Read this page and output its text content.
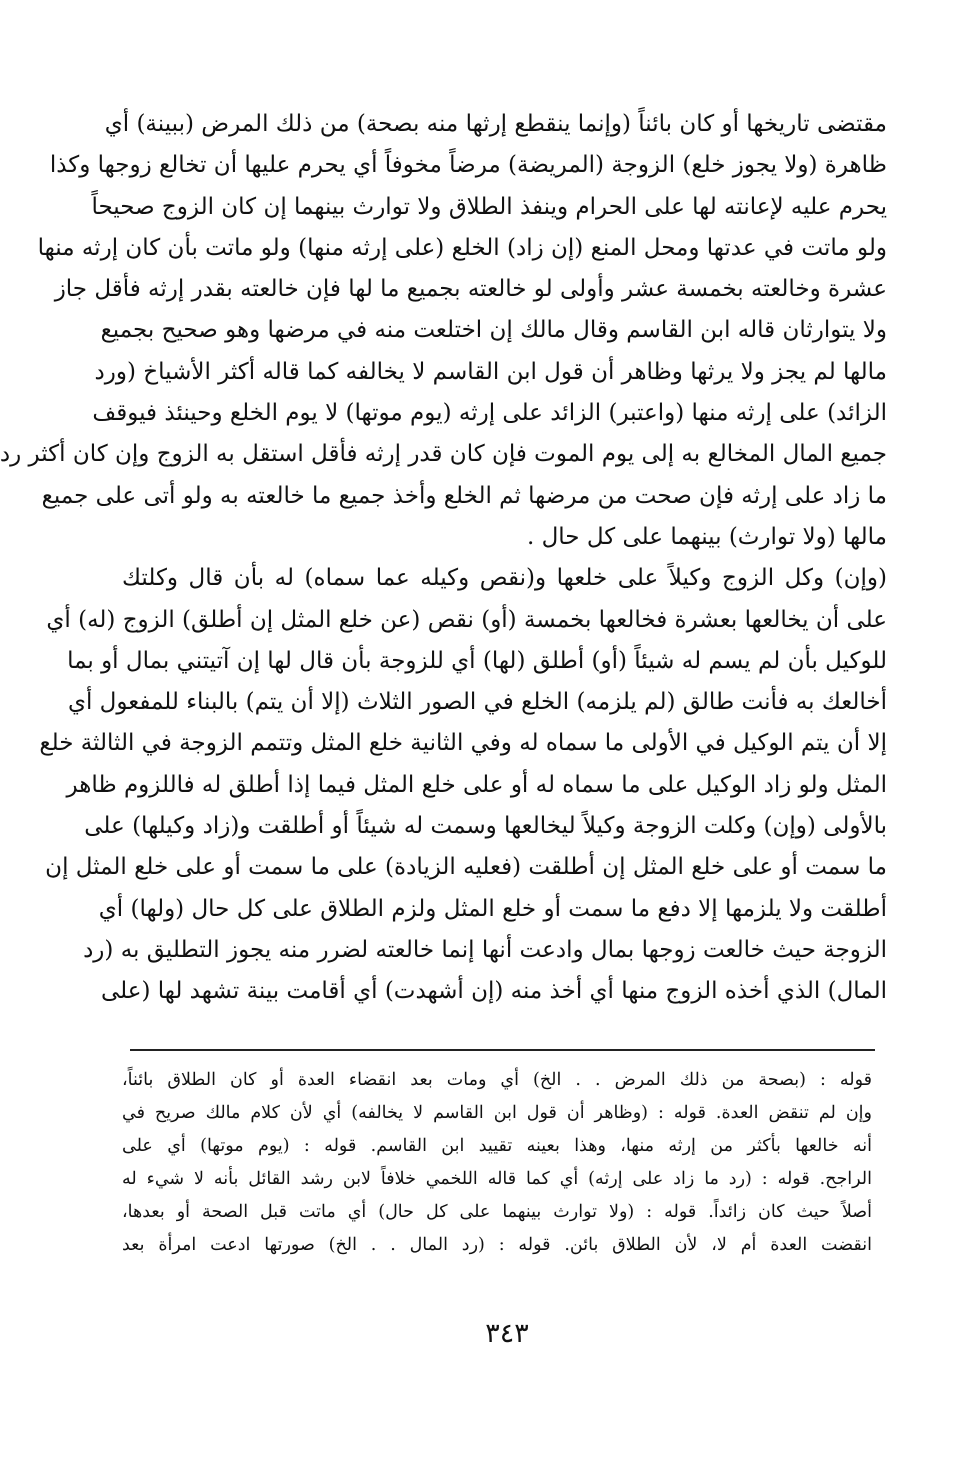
مقتضى تاريخها أو كان بائناً (وإنما ينقطع إرثها منه بصحة) من ذلك المرض (ببينة) أي
ظاهرة (ولا يجوز خلع) الزوجة (المريضة) مرضاً مخوفاً أي يحرم عليها أن تخالع زوجها وكذا
يحرم عليه لإعانته لها على الحرام وينفذ الطلاق ولا توارث بينهما إن كان الزوج صحيحاً
ولو ماتت في عدتها ومحل المنع (إن زاد) الخلع (على إرثه منها) ولو ماتت بأن كان إرثه منها
عشرة وخالعته بخمسة عشر وأولى لو خالعته بجميع ما لها فإن خالعته بقدر إرثه فأقل جاز
ولا يتوارثان قاله ابن القاسم وقال مالك إن اختلعت منه في مرضها وهو صحيح بجميع
مالها لم يجز ولا يرثها وظاهر أن قول ابن القاسم لا يخالفه كما قاله أكثر الأشياخ (ورد
الزائد) على إرثه منها (واعتبر) الزائد على إرثه (يوم موتها) لا يوم الخلع وحينئذ فيوقف
جميع المال المخالع به إلى يوم الموت فإن كان قدر إرثه فأقل استقل به الزوج وإن كان أكثر رد
ما زاد على إرثه فإن صحت من مرضها ثم الخلع وأخذ جميع ما خالعته به ولو أتى على جميع
مالها (ولا توارث) بينهما على كل حال .
(وإن) وكل الزوج وكيلاً على خلعها و(نقص وكيله عما سماه) له بأن قال وكلتك
على أن يخالعها بعشرة فخالعها بخمسة (أو) نقص (عن خلع المثل إن أطلق) الزوج (له) أي
للوكيل بأن لم يسم له شيئاً (أو) أطلق (لها) أي للزوجة بأن قال لها إن آتيتني بمال أو بما
أخالعك به فأنت طالق (لم يلزمه) الخلع في الصور الثلاث (إلا أن يتم) بالبناء للمفعول أي
إلا أن يتم الوكيل في الأولى ما سماه له وفي الثانية خلع المثل وتتمم الزوجة في الثالثة خلع
المثل ولو زاد الوكيل على ما سماه له أو على خلع المثل فيما إذا أطلق له فاللزوم ظاهر
بالأولى (وإن) وكلت الزوجة وكيلاً ليخالعها وسمت له شيئاً أو أطلقت و(زاد وكيلها) على
ما سمت أو على خلع المثل إن أطلقت (فعليه الزيادة) على ما سمت أو على خلع المثل إن
أطلقت ولا يلزمها إلا دفع ما سمت أو خلع المثل ولزم الطلاق على كل حال (ولها) أي
الزوجة حيث خالعت زوجها بمال وادعت أنها إنما خالعته لضرر منه يجوز التطليق به (رد
المال) الذي أخذه الزوج منها أي أخذ منه (إن أشهدت) أي أقامت بينة تشهد لها (على
قوله : (بصحة من ذلك المرض . . الخ) أي ومات بعد انقضاء العدة أو كان الطلاق بائناً،
وإن لم تنقض العدة. قوله : (وظاهر أن قول ابن القاسم لا يخالفه) أي لأن كلام مالك صريح في
أنه خالعها بأكثر من إرثه منها، وهذا بعينه تقييد ابن القاسم. قوله : (يوم موتها) أي على
الراجح. قوله : (رد ما زاد على إرثه) أي كما قاله اللخمي خلافاً لابن رشد القائل بأنه لا شيء له
أصلاً حيث كان زائداً. قوله : (ولا توارث بينهما على كل حال) أي ماتت قبل الصحة أو بعدها،
انقضت العدة أم لا، لأن الطلاق بائن. قوله : (رد المال . . الخ) صورتها ادعت امرأة بعد
٣٤٣
